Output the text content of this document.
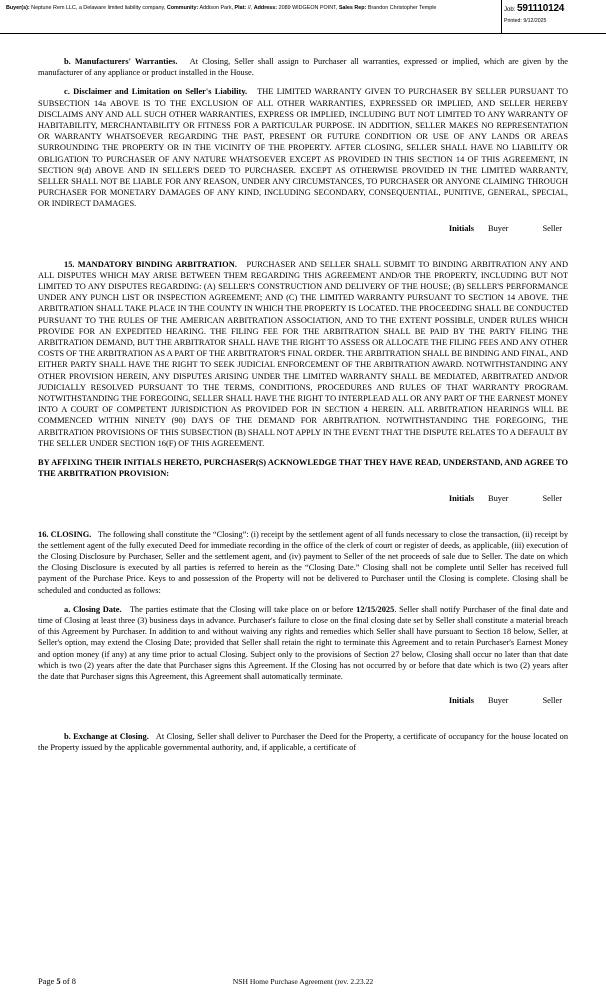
Buyer(s): Neptune Rem LLC, a Delaware limited liability company, Community: Addison Park, Plat: //, Address: 2089 WIDGEON POINT, Sales Rep: Brandon Christopher Temple	Job: 591110124
Printed: 9/12/2025

b. Manufacturers' Warranties. At Closing, Seller shall assign to Purchaser all warranties, expressed or implied, which are given by the manufacturer of any appliance or product installed in the House.

c. Disclaimer and Limitation on Seller's Liability. THE LIMITED WARRANTY GIVEN TO PURCHASER BY SELLER PURSUANT TO SUBSECTION 14a ABOVE IS TO THE EXCLUSION OF ALL OTHER WARRANTIES, EXPRESSED OR IMPLIED, AND SELLER HEREBY DISCLAIMS ANY AND ALL SUCH OTHER WARRANTIES, EXPRESS OR IMPLIED, INCLUDING BUT NOT LIMITED TO ANY WARRANTY OF HABITABILITY, MERCHANTABILITY OR FITNESS FOR A PARTICULAR PURPOSE. IN ADDITION, SELLER MAKES NO REPRESENTATION OR WARRANTY WHATSOEVER REGARDING THE PAST, PRESENT OR FUTURE CONDITION OR USE OF ANY LANDS OR AREAS SURROUNDING THE PROPERTY OR IN THE VICINITY OF THE PROPERTY. AFTER CLOSING, SELLER SHALL HAVE NO LIABILITY OR OBLIGATION TO PURCHASER OF ANY NATURE WHATSOEVER EXCEPT AS PROVIDED IN THIS SECTION 14 OF THIS AGREEMENT, IN SECTION 9(d) ABOVE AND IN SELLER'S DEED TO PURCHASER. EXCEPT AS OTHERWISE PROVIDED IN THE LIMITED WARRANTY, SELLER SHALL NOT BE LIABLE FOR ANY REASON, UNDER ANY CIRCUMSTANCES, TO PURCHASER OR ANYONE CLAIMING THROUGH PURCHASER FOR MONETARY DAMAGES OF ANY KIND, INCLUDING SECONDARY, CONSEQUENTIAL, PUNITIVE, GENERAL, SPECIAL, OR INDIRECT DAMAGES.

Initials Buyer	Seller

15. MANDATORY BINDING ARBITRATION. PURCHASER AND SELLER SHALL SUBMIT TO BINDING ARBITRATION ANY AND ALL DISPUTES WHICH MAY ARISE BETWEEN THEM REGARDING THIS AGREEMENT AND/OR THE PROPERTY, INCLUDING BUT NOT LIMITED TO ANY DISPUTES REGARDING: (A) SELLER'S CONSTRUCTION AND DELIVERY OF THE HOUSE; (B) SELLER'S PERFORMANCE UNDER ANY PUNCH LIST OR INSPECTION AGREEMENT; AND (C) THE LIMITED WARRANTY PURSUANT TO SECTION 14 ABOVE. THE ARBITRATION SHALL TAKE PLACE IN THE COUNTY IN WHICH THE PROPERTY IS LOCATED. THE PROCEEDING SHALL BE CONDUCTED PURSUANT TO THE RULES OF THE AMERICAN ARBITRATION ASSOCIATION, AND TO THE EXTENT POSSIBLE, UNDER RULES WHICH PROVIDE FOR AN EXPEDITED HEARING. THE FILING FEE FOR THE ARBITRATION SHALL BE PAID BY THE PARTY FILING THE ARBITRATION DEMAND, BUT THE ARBITRATOR SHALL HAVE THE RIGHT TO ASSESS OR ALLOCATE THE FILING FEES AND ANY OTHER COSTS OF THE ARBITRATION AS A PART OF THE ARBITRATOR'S FINAL ORDER. THE ARBITRATION SHALL BE BINDING AND FINAL, AND EITHER PARTY SHALL HAVE THE RIGHT TO SEEK JUDICIAL ENFORCEMENT OF THE ARBITRATION AWARD. NOTWITHSTANDING ANY OTHER PROVISION HEREIN, ANY DISPUTES ARISING UNDER THE LIMITED WARRANTY SHALL BE MEDIATED, ARBITRATED AND/OR JUDICIALLY RESOLVED PURSUANT TO THE TERMS, CONDITIONS, PROCEDURES AND RULES OF THAT WARRANTY PROGRAM. NOTWITHSTANDING THE FOREGOING, SELLER SHALL HAVE THE RIGHT TO INTERPLEAD ALL OR ANY PART OF THE EARNEST MONEY INTO A COURT OF COMPETENT JURISDICTION AS PROVIDED FOR IN SECTION 4 HEREIN. ALL ARBITRATION HEARINGS WILL BE COMMENCED WITHIN NINETY (90) DAYS OF THE DEMAND FOR ARBITRATION. NOTWITHSTANDING THE FOREGOING, THE ARBITRATION PROVISIONS OF THIS SUBSECTION (B) SHALL NOT APPLY IN THE EVENT THAT THE DISPUTE RELATES TO A DEFAULT BY THE SELLER UNDER SECTION 16(F) OF THIS AGREEMENT.

BY AFFIXING THEIR INITIALS HERETO, PURCHASER(S) ACKNOWLEDGE THAT THEY HAVE READ, UNDERSTAND, AND AGREE TO THE ARBITRATION PROVISION:

Initials Buyer	Seller

16. CLOSING. The following shall constitute the “Closing”: (i) receipt by the settlement agent of all funds necessary to close the transaction, (ii) receipt by the settlement agent of the fully executed Deed for immediate recording in the office of the clerk of court or register of deeds, as applicable, (iii) execution of the Closing Disclosure by Purchaser, Seller and the settlement agent, and (iv) payment to Seller of the net proceeds of sale due to Seller. The date on which the Closing Disclosure is executed by all parties is referred to herein as the “Closing Date.” Closing shall not be complete until Seller has received full payment of the Purchase Price. Keys to and possession of the Property will not be delivered to Purchaser until the Closing is complete. Closing shall be scheduled and conducted as follows:

a. Closing Date. The parties estimate that the Closing will take place on or before 12/15/2025. Seller shall notify Purchaser of the final date and time of Closing at least three (3) business days in advance. Purchaser's failure to close on the final closing date set by Seller shall constitute a material breach of this Agreement by Purchaser. In addition to and without waiving any rights and remedies which Seller shall have pursuant to Section 18 below, Seller, at Seller's option, may extend the Closing Date; provided that Seller shall retain the right to terminate this Agreement and to retain Purchaser's Earnest Money and option money (if any) at any time prior to actual Closing. Subject only to the provisions of Section 27 below, Closing shall occur no later than that date which is two (2) years after the date that Purchaser signs this Agreement. If the Closing has not occurred by or before that date which is two (2) years after the date that Purchaser signs this Agreement, this Agreement shall automatically terminate.

Initials Buyer	Seller

b. Exchange at Closing. At Closing, Seller shall deliver to Purchaser the Deed for the Property, a certificate of occupancy for the house located on the Property issued by the applicable governmental authority, and, if applicable, a certificate of

Page 5 of 8	NSH Home Purchase Agreement (rev. 2.23.22
